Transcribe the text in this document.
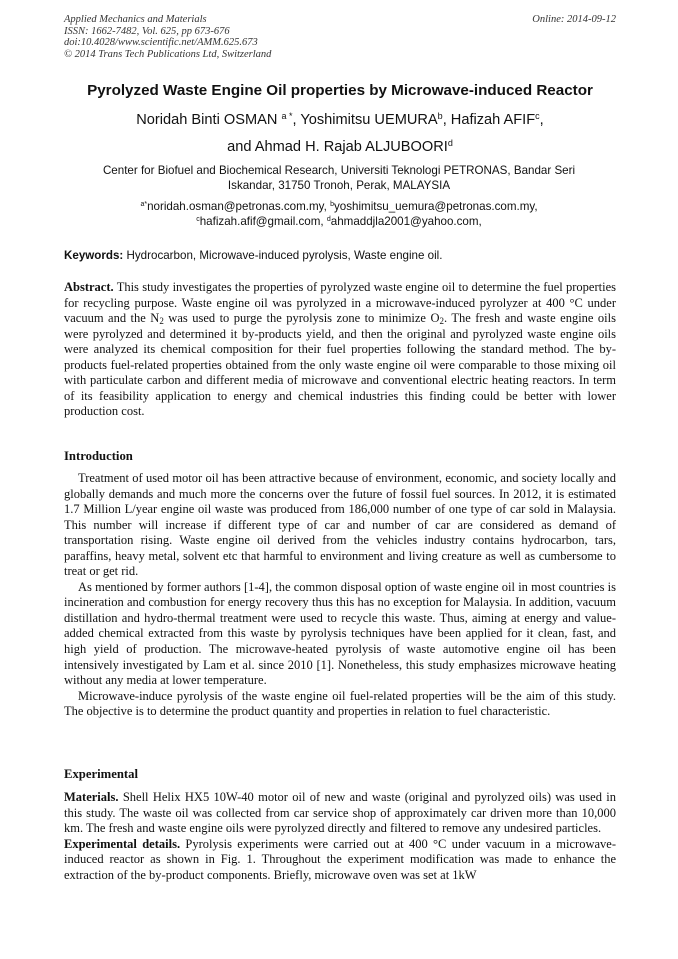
Applied Mechanics and Materials
ISSN: 1662-7482, Vol. 625, pp 673-676
doi:10.4028/www.scientific.net/AMM.625.673
© 2014 Trans Tech Publications Ltd, Switzerland
Online: 2014-09-12
Pyrolyzed Waste Engine Oil properties by Microwave-induced Reactor
Noridah Binti OSMAN $^{a *}$, Yoshimitsu UEMURA$^b$, Hafizah AFIF$^c$,
and Ahmad H. Rajab ALJUBOORI$^d$
Center for Biofuel and Biochemical Research, Universiti Teknologi PETRONAS, Bandar Seri
Iskandar, 31750 Tronoh, Perak, MALAYSIA
$^{a*}$noridah.osman@petronas.com.my, $^b$yoshimitsu_uemura@petronas.com.my,
$^c$hafizah.afif@gmail.com, $^d$ahmaddjla2001@yahoo.com,
Keywords: Hydrocarbon, Microwave-induced pyrolysis, Waste engine oil.

Abstract. This study investigates the properties of pyrolyzed waste engine oil to determine the fuel properties for recycling purpose. Waste engine oil was pyrolyzed in a microwave-induced pyrolyzer at 400 °C under vacuum and the $N_2$ was used to purge the pyrolysis zone to minimize $O_2$. The fresh and waste engine oils were pyrolyzed and determined it by-products yield, and then the original and pyrolyzed waste engine oils were analyzed its chemical composition for their fuel properties following the standard method. The by-products fuel-related properties obtained from the only waste engine oil were comparable to those mixing oil with particulate carbon and different media of microwave and conventional electric heating reactors. In term of its feasibility application to energy and chemical industries this finding could be better with lower production cost.

Introduction

Treatment of used motor oil has been attractive because of environment, economic, and society locally and globally demands and much more the concerns over the future of fossil fuel sources. In 2012, it is estimated 1.7 Million L/year engine oil waste was produced from 186,000 number of one type of car sold in Malaysia. This number will increase if different type of car and number of car are considered as demand of transportation rising. Waste engine oil derived from the vehicles industry contains hydrocarbon, tars, paraffins, heavy metal, solvent etc that harmful to environment and living creature as well as cumbersome to treat or get rid.

As mentioned by former authors [1-4], the common disposal option of waste engine oil in most countries is incineration and combustion for energy recovery thus this has no exception for Malaysia. In addition, vacuum distillation and hydro-thermal treatment were used to recycle this waste. Thus, aiming at energy and value-added chemical extracted from this waste by pyrolysis techniques have been applied for it clean, fast, and high yield of production. The microwave-heated pyrolysis of waste automotive engine oil has been intensively investigated by Lam et al. since 2010 [1]. Nonetheless, this study emphasizes microwave heating without any media at lower temperature.

Microwave-induce pyrolysis of the waste engine oil fuel-related properties will be the aim of this study. The objective is to determine the product quantity and properties in relation to fuel characteristic.

Experimental

Materials. Shell Helix HX5 10W-40 motor oil of new and waste (original and pyrolyzed oils) was used in this study. The waste oil was collected from car service shop of approximately car driven more than 10,000 km. The fresh and waste engine oils were pyrolyzed directly and filtered to remove any undesired particles.

Experimental details. Pyrolysis experiments were carried out at 400 °C under vacuum in a microwave-induced reactor as shown in Fig. 1. Throughout the experiment modification was made to enhance the extraction of the by-product components. Briefly, microwave oven was set at 1kW
